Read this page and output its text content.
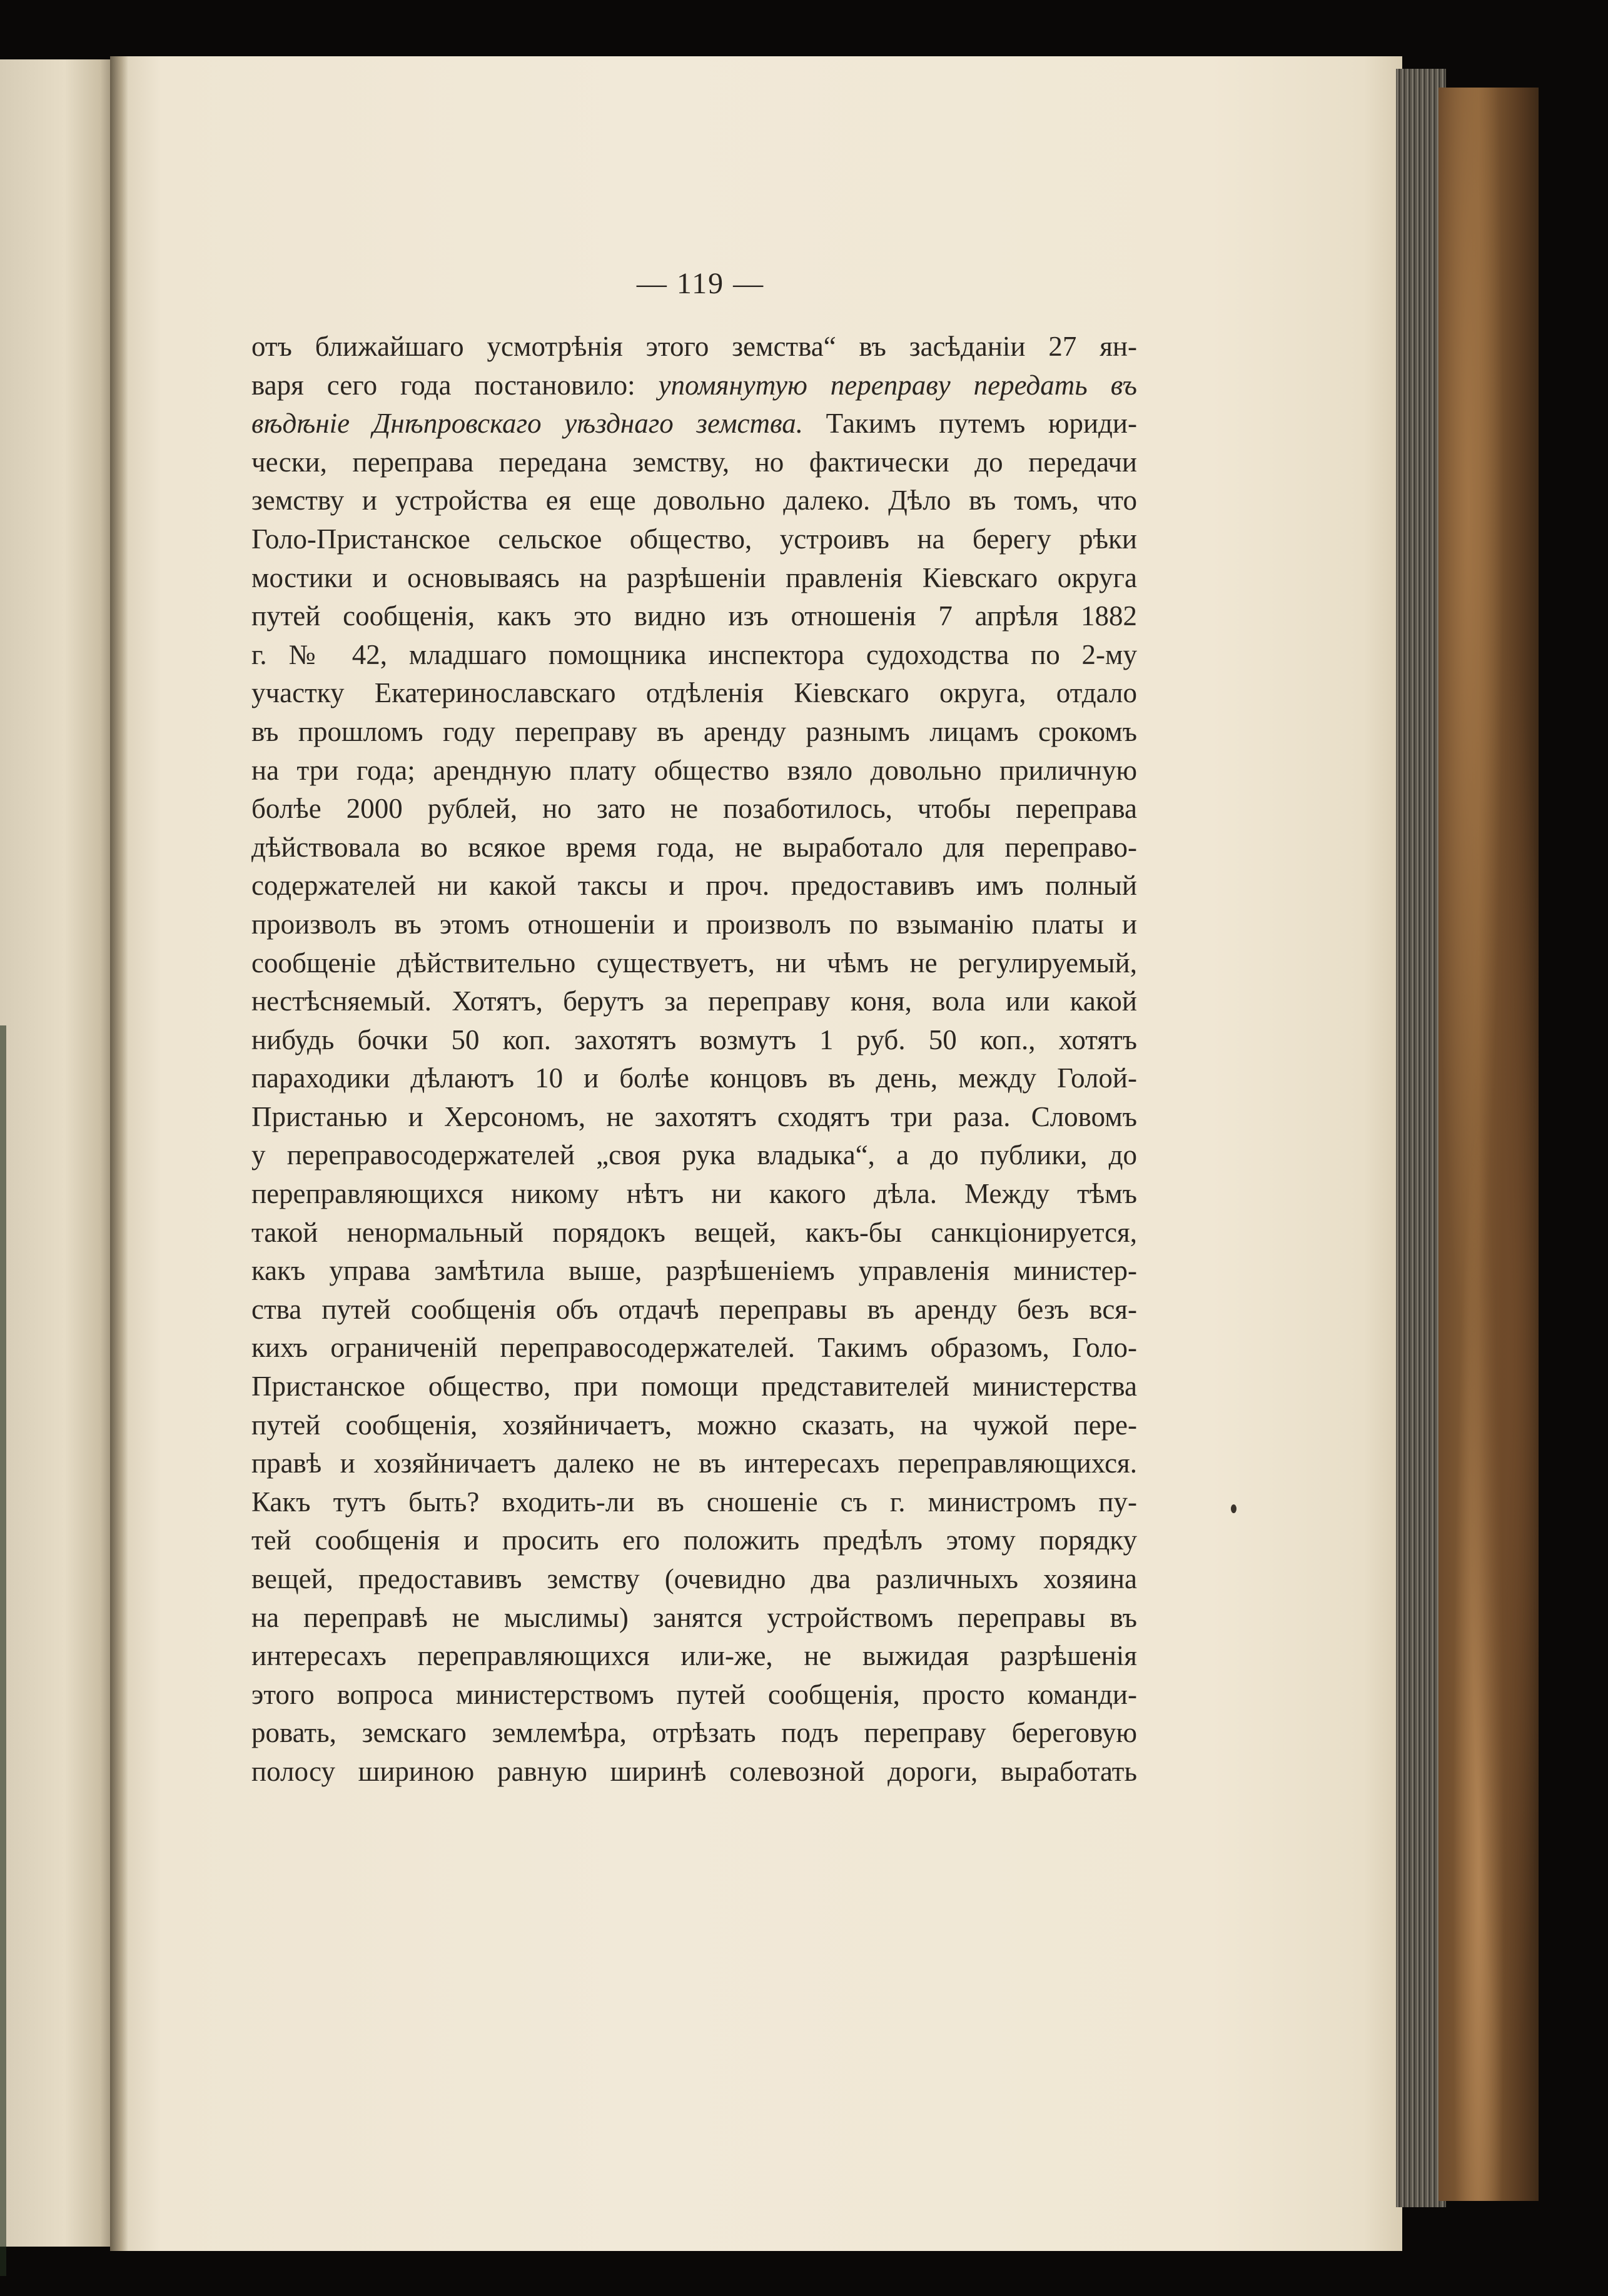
— 119 —
отъ ближайшаго усмотрѣнія этого земства“ въ засѣданіи 27 ян-
варя сего года постановило: упомянутую переправу передать въ
вѣдѣніе Днѣпровскаго уѣзднаго земства. Такимъ путемъ юриди-
чески, переправа передана земству, но фактически до передачи
земству и устройства ея еще довольно далеко. Дѣло въ томъ, что
Голо-Пристанское сельское общество, устроивъ на берегу рѣки
мостики и основываясь на разрѣшеніи правленія Кіевскаго округа
путей сообщенія, какъ это видно изъ отношенія 7 апрѣля 1882
г. № 42, младшаго помощника инспектора судоходства по 2-му
участку Екатеринославскаго отдѣленія Кіевскаго округа, отдало
въ прошломъ году переправу въ аренду разнымъ лицамъ срокомъ
на три года; арендную плату общество взяло довольно приличную
болѣе 2000 рублей, но зато не позаботилось, чтобы переправа
дѣйствовала во всякое время года, не выработало для переправо-
содержателей ни какой таксы и проч. предоставивъ имъ полный
произволъ въ этомъ отношеніи и произволъ по взыманію платы и
сообщеніе дѣйствительно существуетъ, ни чѣмъ не регулируемый,
нестѣсняемый. Хотятъ, берутъ за переправу коня, вола или какой
нибудь бочки 50 коп. захотятъ возмутъ 1 руб. 50 коп., хотятъ
параходики дѣлаютъ 10 и болѣе концовъ въ день, между Голой-
Пристанью и Херсономъ, не захотятъ сходятъ три раза. Словомъ
у переправосодержателей „своя рука владыка“, а до публики, до
переправляющихся никому нѣтъ ни какого дѣла. Между тѣмъ
такой ненормальный порядокъ вещей, какъ-бы санкціонируется,
какъ управа замѣтила выше, разрѣшеніемъ управленія министер-
ства путей сообщенія объ отдачѣ переправы въ аренду безъ вся-
кихъ ограниченій переправосодержателей. Такимъ образомъ, Голо-
Пристанское общество, при помощи представителей министерства
путей сообщенія, хозяйничаетъ, можно сказать, на чужой пере-
правѣ и хозяйничаетъ далеко не въ интересахъ переправляющихся.
Какъ тутъ быть? входить-ли въ сношеніе съ г. министромъ пу-
тей сообщенія и просить его положить предѣлъ этому порядку
вещей, предоставивъ земству (очевидно два различныхъ хозяина
на переправѣ не мыслимы) занятся устройствомъ переправы въ
интересахъ переправляющихся или-же, не выжидая разрѣшенія
этого вопроса министерствомъ путей сообщенія, просто команди-
ровать, земскаго землемѣра, отрѣзать подъ переправу береговую
полосу шириною равную ширинѣ солевозной дороги, выработать
